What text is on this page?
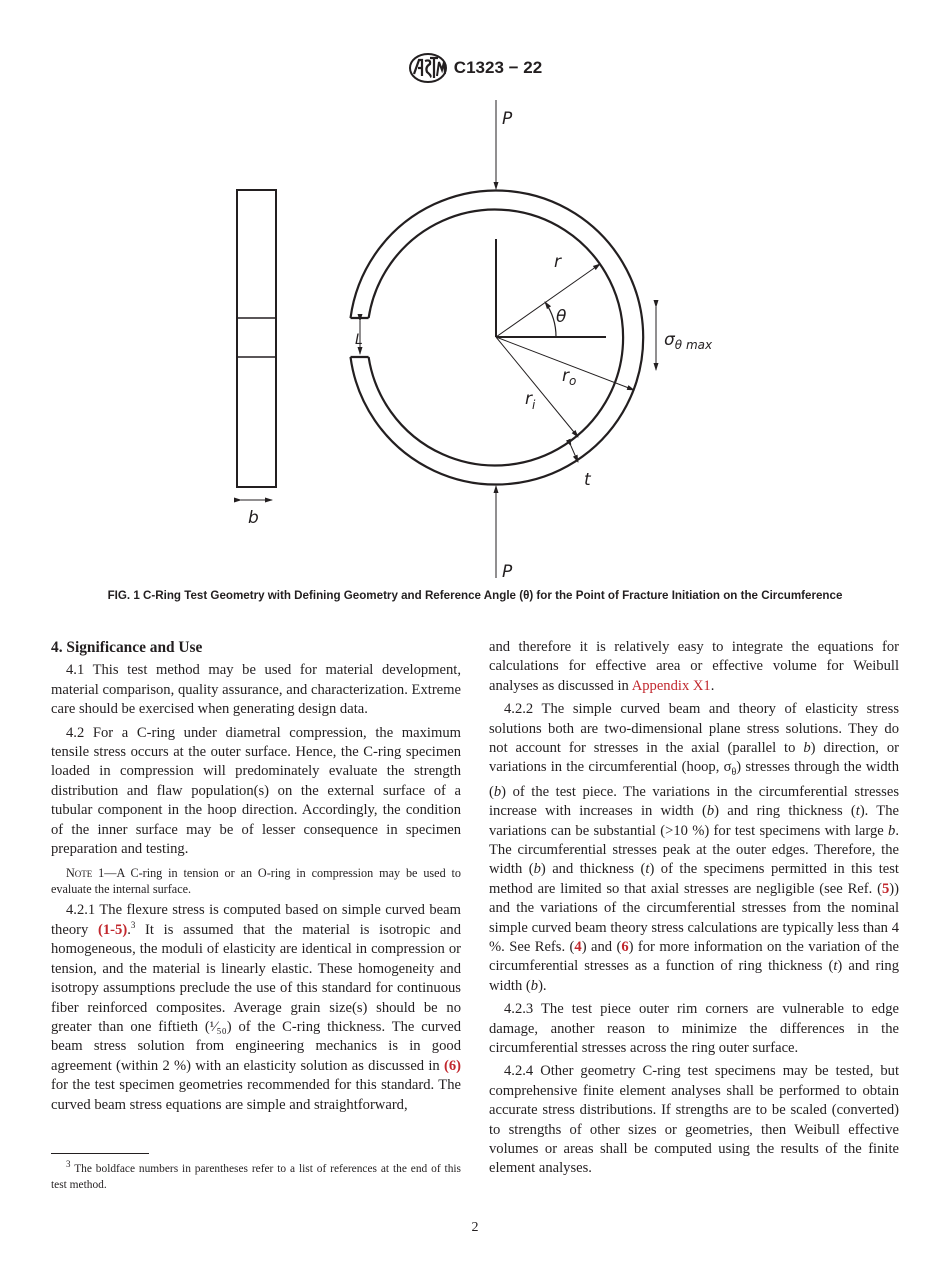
C1323 − 22
b
L
P
P
r
θ
$r_o$
$r_i$
t
$\sigma_{\theta max}$
FIG. 1 C-Ring Test Geometry with Defining Geometry and Reference Angle (θ) for the Point of Fracture Initiation on the Circumference
4. Significance and Use

4.1 This test method may be used for material development, material comparison, quality assurance, and characterization. Extreme care should be exercised when generating design data.

4.2 For a C-ring under diametral compression, the maximum tensile stress occurs at the outer surface. Hence, the C-ring specimen loaded in compression will predominately evaluate the strength distribution and flaw population(s) on the external surface of a tubular component in the hoop direction. Accordingly, the condition of the inner surface may be of lesser consequence in specimen preparation and testing.

Note 1—A C-ring in tension or an O-ring in compression may be used to evaluate the internal surface.

4.2.1 The flexure stress is computed based on simple curved beam theory (1-5).$^3$ It is assumed that the material is isotropic and homogeneous, the moduli of elasticity are identical in compression or tension, and the material is linearly elastic. These homogeneity and isotropy assumptions preclude the use of this standard for continuous fiber reinforced composites. Average grain size(s) should be no greater than one fiftieth (¹⁄₅₀) of the C-ring thickness. The curved beam stress solution from engineering mechanics is in good agreement (within 2 %) with an elasticity solution as discussed in (6) for the test specimen geometries recommended for this standard. The curved beam stress equations are simple and straightforward,

and therefore it is relatively easy to integrate the equations for calculations for effective area or effective volume for Weibull analyses as discussed in Appendix X1.

4.2.2 The simple curved beam and theory of elasticity stress solutions both are two-dimensional plane stress solutions. They do not account for stresses in the axial (parallel to b) direction, or variations in the circumferential (hoop, $\sigma_\theta$) stresses through the width (b) of the test piece. The variations in the circumferential stresses increase with increases in width (b) and ring thickness (t). The variations can be substantial (>10 %) for test specimens with large b. The circumferential stresses peak at the outer edges. Therefore, the width (b) and thickness (t) of the specimens permitted in this test method are limited so that axial stresses are negligible (see Ref. (5)) and the variations of the circumferential stresses from the nominal simple curved beam theory stress calculations are typically less than 4 %. See Refs. (4) and (6) for more information on the variation of the circumferential stresses as a function of ring thickness (t) and ring width (b).

4.2.3 The test piece outer rim corners are vulnerable to edge damage, another reason to minimize the differences in the circumferential stresses across the ring outer surface.

4.2.4 Other geometry C-ring test specimens may be tested, but comprehensive finite element analyses shall be performed to obtain accurate stress distributions. If strengths are to be scaled (converted) to strengths of other sizes or geometries, then Weibull effective volumes or areas shall be computed using the results of the finite element analyses.

$^3$ The boldface numbers in parentheses refer to a list of references at the end of this test method.
2
